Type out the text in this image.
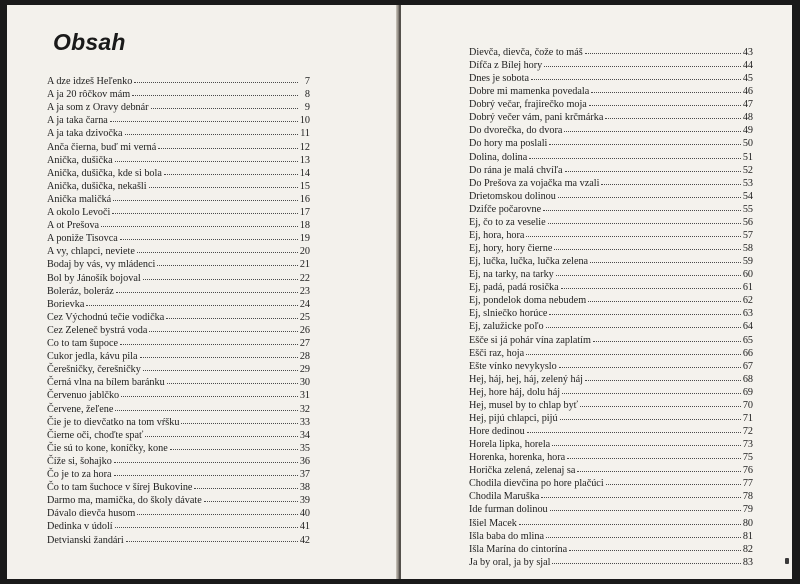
Obsah
A dze idzeš Heľenko	7
A ja 20 rôčkov mám	8
A ja som z Oravy debnár	9
A ja taka čarna	10
A ja taka dzivočka	11
Anča čierna, buď mi verná	12
Anička, dušička	13
Anička, dušička, kde si bola	14
Anička, dušička, nekašli	15
Anička maličká	16
A okolo Levoči	17
A ot Prešova	18
A poniže Tisovca	19
A vy, chlapci, neviete	20
Bodaj by vás, vy mládenci	21
Bol by Jánošík bojoval	22
Boleráz, boleráz	23
Borievka	24
Cez Východnú tečie vodička	25
Cez Zeleneč bystrá voda	26
Co to tam šupoce	27
Cukor jedla, kávu pila	28
Čerešničky, čerešničky	29
Černá vlna na bílem baránku	30
Červenuo jablčko	31
Červene, žeľene	32
Čie je to dievčatko na tom vŕšku	33
Čierne oči, choďte spať	34
Čie sú to kone, koníčky, kone	35
Číže si, šohajko	36
Čo je to za hora	37
Čo to tam šuchoce v šírej Bukovine	38
Darmo ma, mamička, do školy dávate	39
Dávalo dievča husom	40
Dedinka v údolí	41
Detvianski žandári	42
Dievča, dievča, čože to máš	43
Dífča z Bílej hory	44
Dnes je sobota	45
Dobre mi mamenka povedala	46
Dobrý večar, frajirečko moja	47
Dobrý večer vám, pani krčmárka	48
Do dvorečka, do dvora	49
Do hory ma poslali	50
Dolina, dolina	51
Do rána je malá chvíľa	52
Do Prešova za vojačka ma vzali	53
Drietomskou dolinou	54
Dzifče počarovne	55
Ej, čo to za veselie	56
Ej, hora, hora	57
Ej, hory, hory čierne	58
Ej, lučka, lučka, lučka zelena	59
Ej, na tarky, na tarky	60
Ej, padá, padá rosička	61
Ej, pondelok doma nebudem	62
Ej, slniečko horúce	63
Ej, zalužicke poľo	64
Ešče si já pohár vína zaplatím	65
Ešči raz, hoja	66
Ešte vínko nevykyslo	67
Hej, háj, hej, háj, zelený háj	68
Hej, hore háj, dolu háj	69
Hej, musel by to chlap byť	70
Hej, pijú chlapci, pijú	71
Hore dedinou	72
Horela lipka, horela	73
Horenka, horenka, hora	75
Horička zelená, zelenaj sa	76
Chodila dievčina po hore plačúci	77
Chodila Maruška	78
Ide furman dolinou	79
Išiel Macek	80
Išla baba do mlina	81
Išla Marína do cintorína	82
Ja by oral, ja by sjal	83
